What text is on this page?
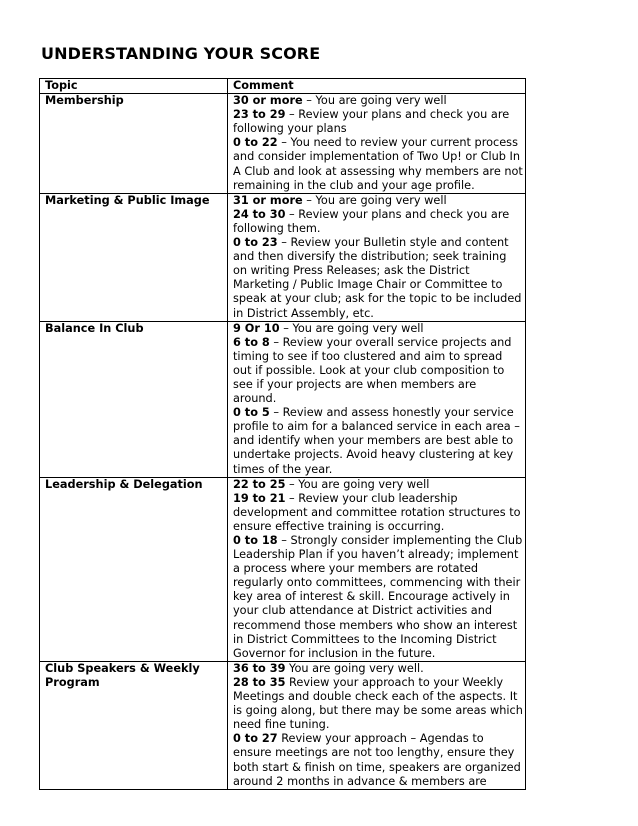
UNDERSTANDING YOUR SCORE
Topic	Comment
Membership	30 or more – You are going very well
23 to 29 – Review your plans and check you are following your plans
0 to 22 – You need to review your current process and consider implementation of Two Up! or Club In A Club and look at assessing why members are not remaining in the club and your age profile.

Marketing & Public Image	31 or more – You are going very well
24 to 30 – Review your plans and check you are following them.
0 to 23 – Review your Bulletin style and content and then diversify the distribution; seek training on writing Press Releases; ask the District Marketing / Public Image Chair or Committee to speak at your club; ask for the topic to be included in District Assembly, etc.

Balance In Club	9 Or 10 – You are going very well
6 to 8 – Review your overall service projects and timing to see if too clustered and aim to spread out if possible. Look at your club composition to see if your projects are when members are around.
0 to 5 – Review and assess honestly your service profile to aim for a balanced service in each area – and identify when your members are best able to undertake projects. Avoid heavy clustering at key times of the year.

Leadership & Delegation	22 to 25 – You are going very well
19 to 21 – Review your club leadership development and committee rotation structures to ensure effective training is occurring.
0 to 18 – Strongly consider implementing the Club Leadership Plan if you haven’t already; implement a process where your members are rotated regularly onto committees, commencing with their key area of interest & skill. Encourage actively in your club attendance at District activities and recommend those members who show an interest in District Committees to the Incoming District Governor for inclusion in the future.

Club Speakers & Weekly Program	36 to 39 You are going very well.
28 to 35 Review your approach to your Weekly Meetings and double check each of the aspects. It is going along, but there may be some areas which need fine tuning.
0 to 27 Review your approach – Agendas to ensure meetings are not too lengthy, ensure they both start & finish on time, speakers are organized around 2 months in advance & members are
